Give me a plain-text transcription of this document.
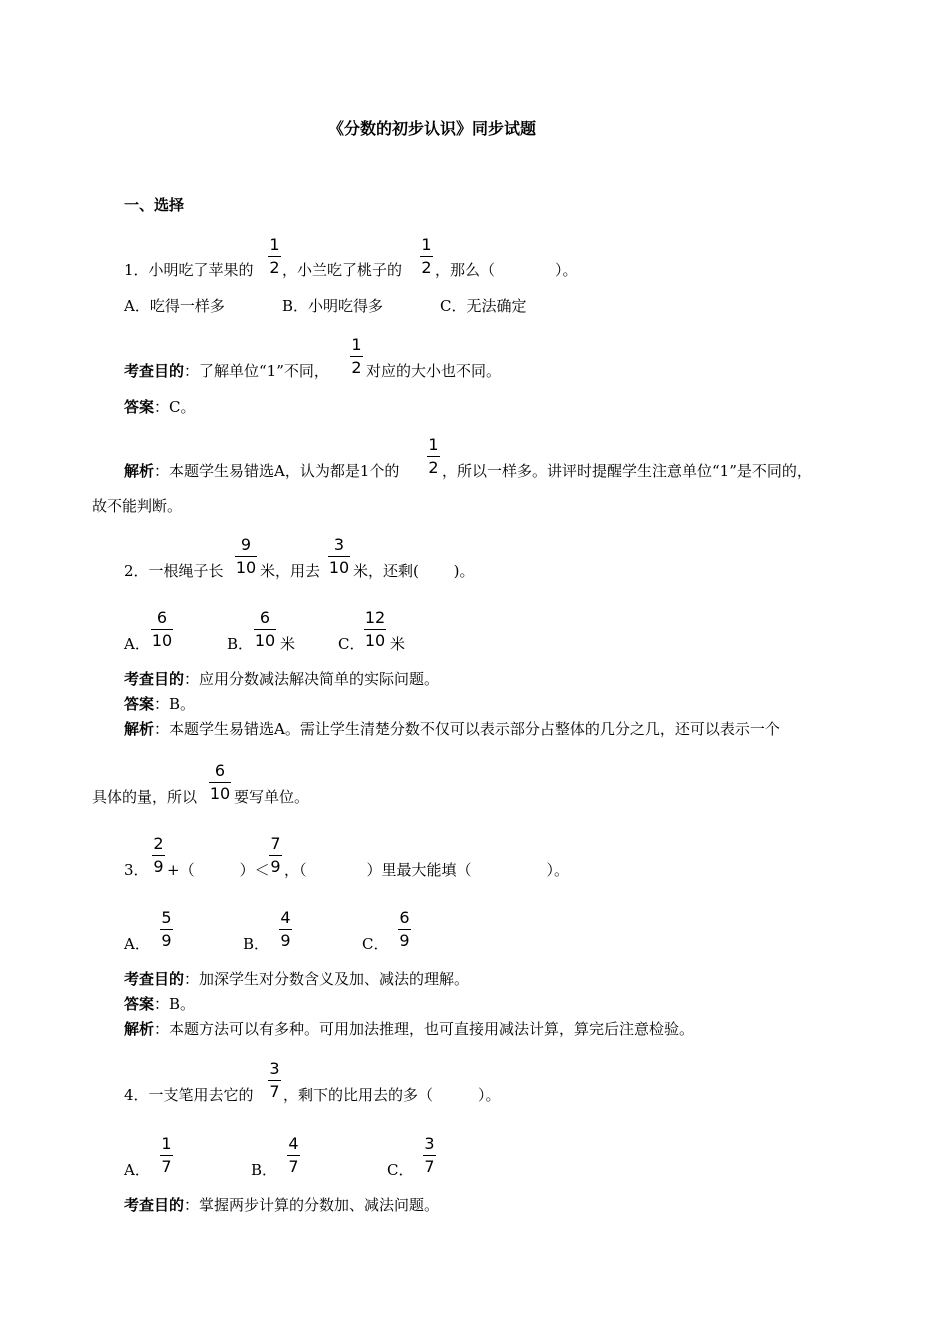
《分数的初步认识》同步试题
一、选择
1．小明吃了苹果的
1
2 ，小兰吃了桃子的
1
2 ，那么（　　　　）。
A．吃得一样多	B．小明吃得多	C．无法确定
考查目的：了解单位“1”不同，
1
2 对应的大小也不同。
答案：C。
解析：本题学生易错选A，认为都是1个的
1
2 ，所以一样多。讲评时提醒学生注意单位“1”是不同的，
故不能判断。
2．一根绳子长
9
10 米，用去
3
10 米，还剩(　　 )。
A．
6
10	B．
6
10 米	C．
12
10 米
考查目的：应用分数减法解决简单的实际问题。
答案：B。
解析：本题学生易错选A。需让学生清楚分数不仅可以表示部分占整体的几分之几，还可以表示一个
具体的量，所以
6
10 要写单位。
3．
2
9 +（　　　）＜
7
9 ，（　　　　）里最大能填（　　　　　）。
A．
5
9	B．
4
9	C．
6
9
考查目的：加深学生对分数含义及加、减法的理解。
答案：B。
解析：本题方法可以有多种。可用加法推理，也可直接用减法计算，算完后注意检验。
4．一支笔用去它的
3
7 ，剩下的比用去的多（　　　）。
A．
1
7	B．
4
7	C．
3
7
考查目的：掌握两步计算的分数加、减法问题。
